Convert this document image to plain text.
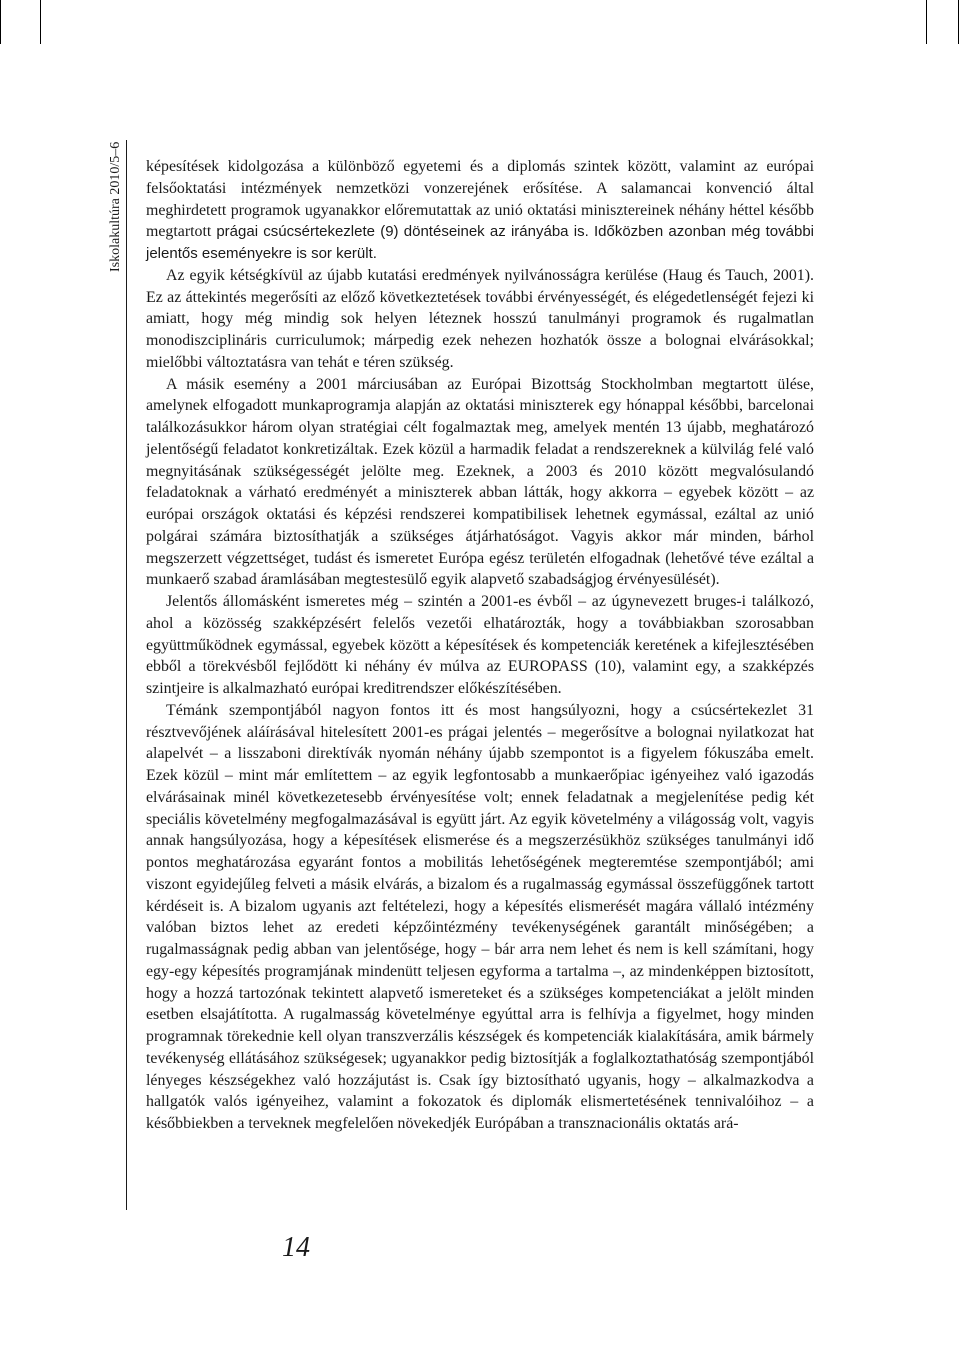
Iskolakultúra 2010/5–6 képesítések kidolgozása a különböző egyetemi és a diplomás szintek között, valamint az európai felsőoktatási intézmények nemzetközi vonzerejének erősítése. A salamancai konvenció által meghirdetett programok ugyanakkor előremutattak az unió oktatási minisztereinek néhány héttel később megtartott prágai csúcsértekezlete (9) döntéseinek az irányába is. Időközben azonban még további jelentős eseményekre is sor került.

Az egyik kétségkívül az újabb kutatási eredmények nyilvánosságra kerülése (Haug és Tauch, 2001). Ez az áttekintés megerősíti az előző következtetések további érvényességét, és elégedetlenségét fejezi ki amiatt, hogy még mindig sok helyen léteznek hosszú tanulmányi programok és rugalmatlan monodiszciplináris curriculumok; márpedig ezek nehezen hozhatók össze a bolognai elvárásokkal; mielőbbi változtatásra van tehát e téren szükség.

A másik esemény a 2001 márciusában az Európai Bizottság Stockholmban megtartott ülése, amelynek elfogadott munkaprogramja alapján az oktatási miniszterek egy hónappal későbbi, barcelonai találkozásukkor három olyan stratégiai célt fogalmaztak meg, amelyek mentén 13 újabb, meghatározó jelentőségű feladatot konkretizáltak. Ezek közül a harmadik feladat a rendszereknek a külvilág felé való megnyitásának szükségességét jelölte meg. Ezeknek, a 2003 és 2010 között megvalósulandó feladatoknak a várható eredményét a miniszterek abban látták, hogy akkorra – egyebek között – az európai országok oktatási és képzési rendszerei kompatibilisek lehetnek egymással, ezáltal az unió polgárai számára biztosíthatják a szükséges átjárhatóságot. Vagyis akkor már minden, bárhol megszerzett végzettséget, tudást és ismeretet Európa egész területén elfogadnak (lehetővé téve ezáltal a munkaerő szabad áramlásában megtestesülő egyik alapvető szabadságjog érvényesülését).

Jelentős állomásként ismeretes még – szintén a 2001-es évből – az úgynevezett bruges-i találkozó, ahol a közösség szakképzésért felelős vezetői elhatározták, hogy a továbbiakban szorosabban együttműködnek egymással, egyebek között a képesítések és kompetenciák keretének a kifejlesztésében ebből a törekvésből fejlődött ki néhány év múlva az EUROPASS (10), valamint egy, a szakképzés szintjeire is alkalmazható európai kreditrendszer előkészítésében.

Témánk szempontjából nagyon fontos itt és most hangsúlyozni, hogy a csúcsértekezlet 31 résztvevőjének aláírásával hitelesített 2001-es prágai jelentés – megerősítve a bolognai nyilatkozat hat alapelvét – a lisszaboni direktívák nyomán néhány újabb szempontot is a figyelem fókuszába emelt. Ezek közül – mint már említettem – az egyik legfontosabb a munkaerőpiac igényeihez való igazodás elvárásainak minél következetesebb érvényesítése volt; ennek feladatnak a megjelenítése pedig két speciális követelmény megfogalmazásával is együtt járt. Az egyik követelmény a világosság volt, vagyis annak hangsúlyozása, hogy a képesítések elismerése és a megszerzésükhöz szükséges tanulmányi idő pontos meghatározása egyaránt fontos a mobilitás lehetőségének megteremtése szempontjából; ami viszont egyidejűleg felveti a másik elvárás, a bizalom és a rugalmasság egymással összefüggőnek tartott kérdéseit is. A bizalom ugyanis azt feltételezi, hogy a képesítés elismerését magára vállaló intézmény valóban biztos lehet az eredeti képzőintézmény tevékenységének garantált minőségében; a rugalmasságnak pedig abban van jelentősége, hogy – bár arra nem lehet és nem is kell számítani, hogy egy-egy képesítés programjának mindenütt teljesen egyforma a tartalma –, az mindenképpen biztosított, hogy a hozzá tartozónak tekintett alapvető ismereteket és a szükséges kompetenciákat a jelölt minden esetben elsajátította. A rugalmasság követelménye egyúttal arra is felhívja a figyelmet, hogy minden programnak törekednie kell olyan transzverzális készségek és kompetenciák kialakítására, amik bármely tevékenység ellátásához szükségesek; ugyanakkor pedig biztosítják a foglalkoztathatóság szempontjából lényeges készségekhez való hozzájutást is. Csak így biztosítható ugyanis, hogy – alkalmazkodva a hallgatók valós igényeihez, valamint a fokozatok és diplomák elismertetésének tennivalóihoz – a későbbiekben a terveknek megfelelően növekedjék Európában a transznacionális oktatás ará-

14
